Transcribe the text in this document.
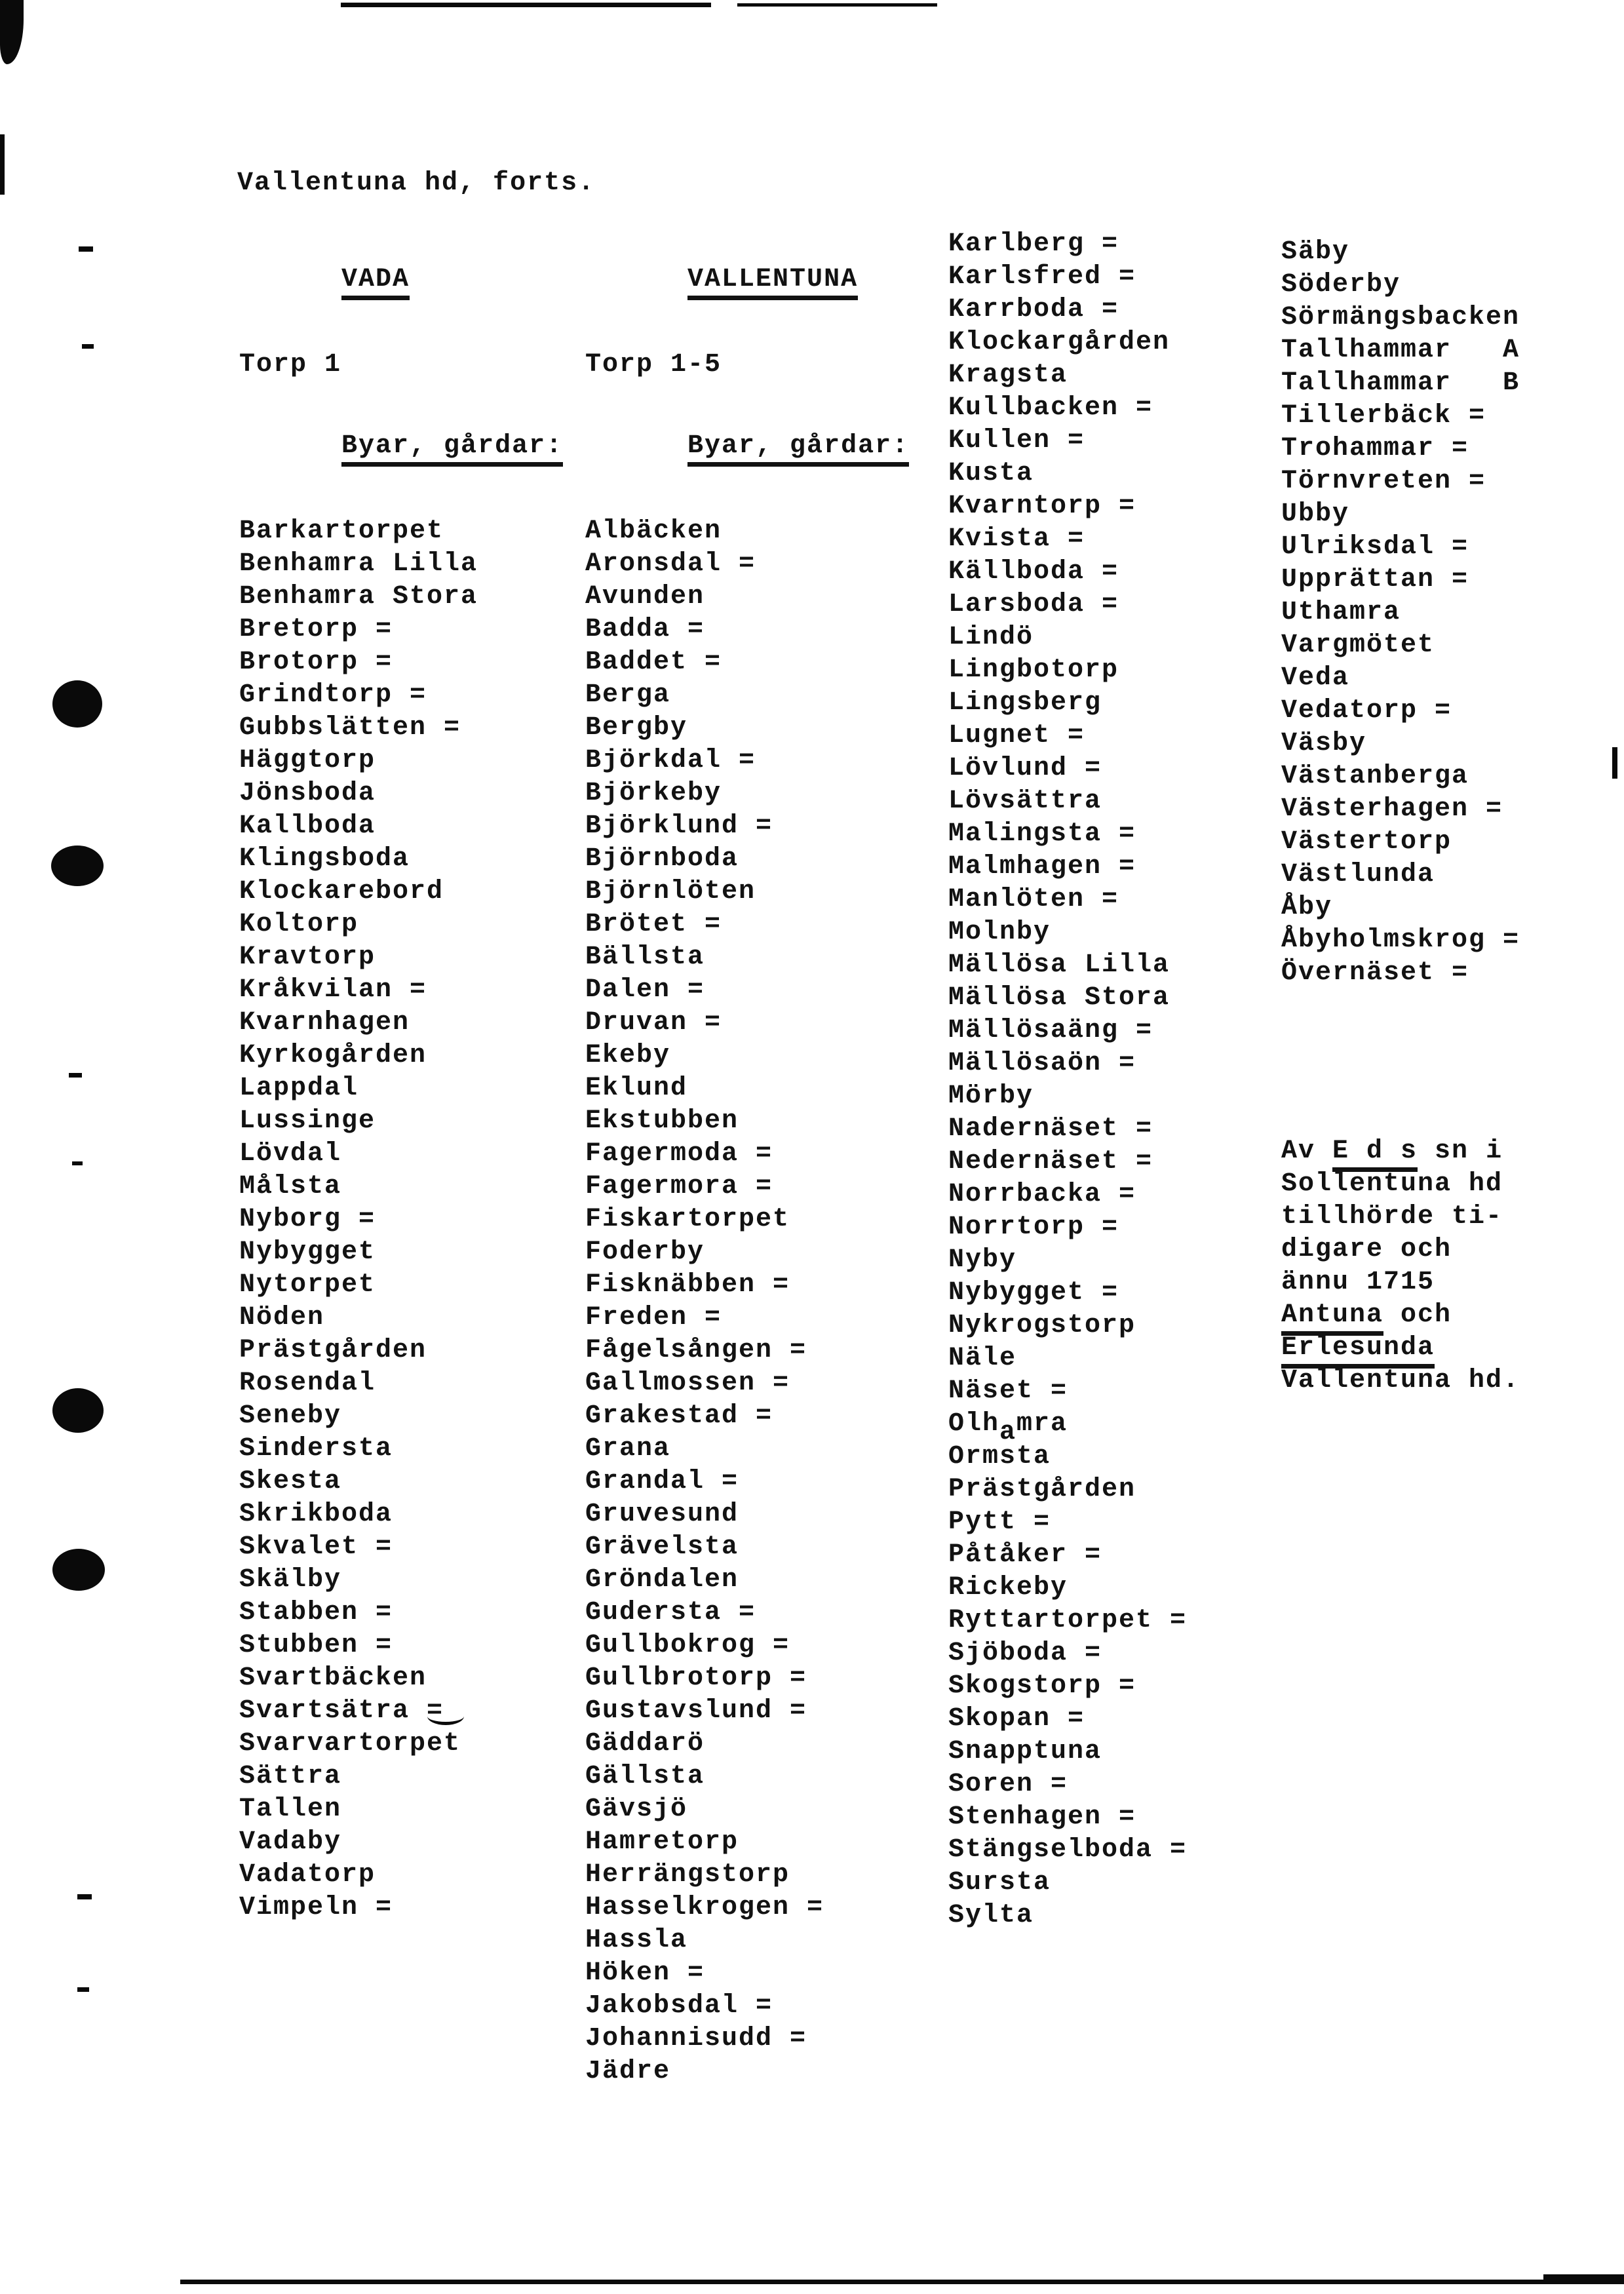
Vallentuna hd, forts.

VADA

Torp 1

Byar, gårdar:

Barkartorpet
Benhamra Lilla
Benhamra Stora
Bretorp =
Brotorp =
Grindtorp =
Gubbslätten =
Häggtorp
Jönsboda
Kallboda
Klingsboda
Klockarebord
Koltorp
Kravtorp
Kråkvilan =
Kvarnhagen
Kyrkogården
Lappdal
Lussinge
Lövdal
Målsta
Nyborg =
Nybygget
Nytorpet
Nöden
Prästgården
Rosendal
Seneby
Sindersta
Skesta
Skrikboda
Skvalet =
Skälby
Stabben =
Stubben =
Svartbäcken
Svartsätra =
Svarvartorpet
Sättra
Tallen
Vadaby
Vadatorp
Vimpeln =

VALLENTUNA

Torp 1-5

Byar, gårdar:

Albäcken
Aronsdal =
Avunden
Badda =
Baddet =
Berga
Bergby
Björkdal =
Björkeby
Björklund =
Björnboda
Björnlöten
Brötet =
Bällsta
Dalen =
Druvan =
Ekeby
Eklund
Ekstubben
Fagermoda =
Fagermora =
Fiskartorpet
Foderby
Fisknäbben =
Freden =
Fågelsången =
Gallmossen =
Grakestad =
Grana
Grandal =
Gruvesund
Grävelsta
Gröndalen
Gudersta =
Gullbokrog =
Gullbrotorp =
Gustavslund =
Gäddarö
Gällsta
Gävsjö
Hamretorp
Herrängstorp
Hasselkrogen =
Hassla
Höken =
Jakobsdal =
Johannisudd =
Jädre
Karlberg =
Karlsfred =
Karrboda =
Klockargården
Kragsta
Kullbacken =
Kullen =
Kusta
Kvarntorp =
Kvista =
Källboda =
Larsboda =
Lindö
Lingbotorp
Lingsberg
Lugnet =
Lövlund =
Lövsättra
Malingsta =
Malmhagen =
Manlöten =
Molnby
Mällösa Lilla
Mällösa Stora
Mällösaäng =
Mällösaön =
Mörby
Nadernäset =
Nedernäset =
Norrbacka =
Norrtorp =
Nyby
Nybygget =
Nykrogstorp
Näle
Näset =
Olhamra
Ormsta
Prästgården
Pytt =
Påtåker =
Rickeby
Ryttartorpet =
Sjöboda =
Skogstorp =
Skopan =
Snapptuna
Soren =
Stenhagen =
Stängselboda =
Sursta
Sylta
Säby
Söderby
Sörmängsbacken
Tallhammar   A
Tallhammar   B
Tillerbäck =
Trohammar =
Törnvreten =
Ubby
Ulriksdal =
Upprättan =
Uthamra
Vargmötet
Veda
Vedatorp =
Väsby
Västanberga
Västerhagen =
Västertorp
Västlunda
Åby
Åbyholmskrog =
Övernäset =
Av E d s sn i
Sollentuna hd
tillhörde ti-
digare och
ännu 1715
Antuna och
Erlesunda
Vallentuna hd.
